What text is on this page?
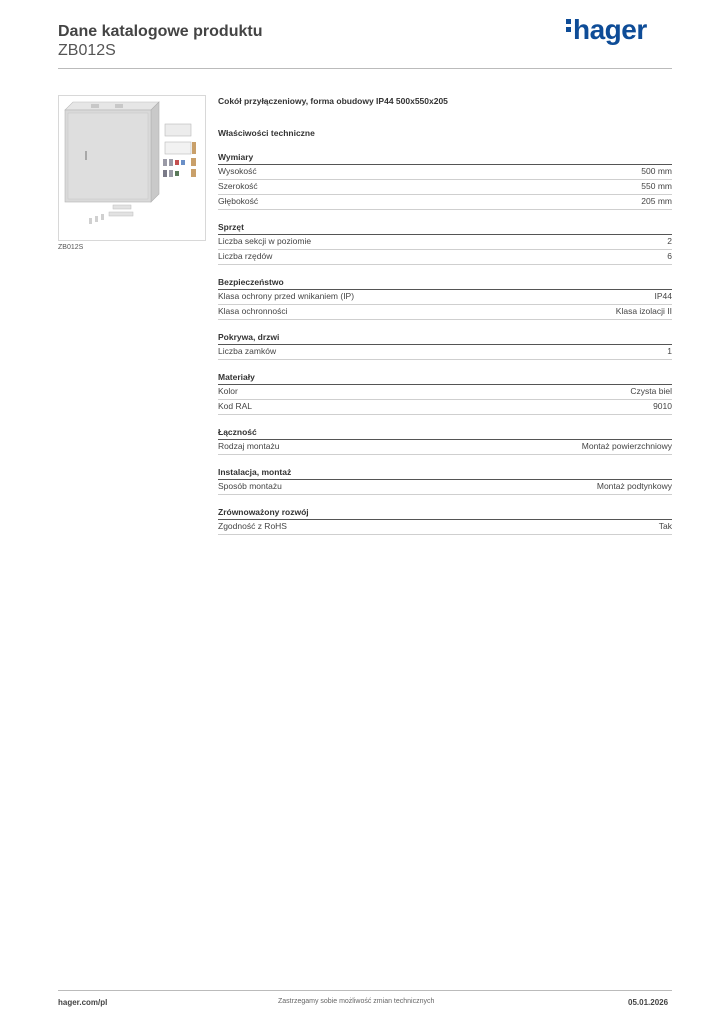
Dane katalogowe produktu
ZB012S
hager
ZB012S
Cokół przyłączeniowy, forma obudowy IP44 500x550x205
Właściwości techniczne
Wymiary
Wysokość	500 mm
Szerokość	550 mm
Głębokość	205 mm
Sprzęt
Liczba sekcji w poziomie	2
Liczba rzędów	6
Bezpieczeństwo
Klasa ochrony przed wnikaniem (IP)	IP44
Klasa ochronności	Klasa izolacji II
Pokrywa, drzwi
Liczba zamków	1
Materiały
Kolor	Czysta biel
Kod RAL	9010
Łączność
Rodzaj montażu	Montaż powierzchniowy
Instalacja, montaż
Sposób montażu	Montaż podtynkowy
Zrównoważony rozwój
Zgodność z RoHS	Tak
hager.com/pl	Zastrzegamy sobie możliwość zmian technicznych	05.01.2026
